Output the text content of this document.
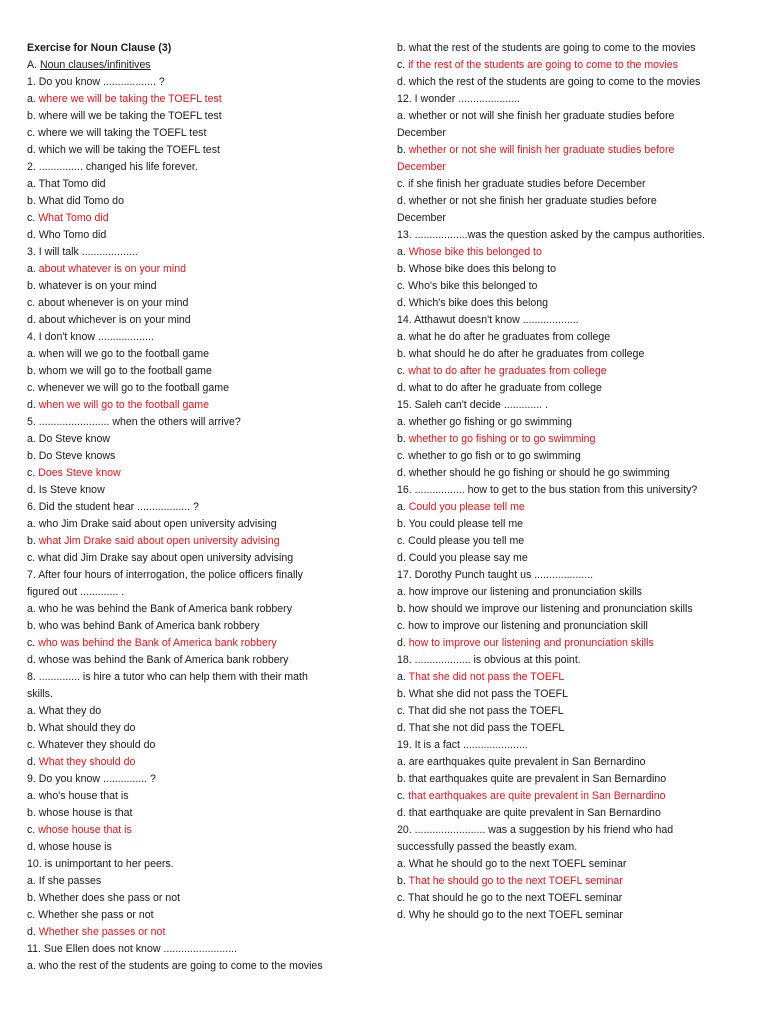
Exercise for Noun Clause (3)
A. Noun clauses/infinitives
1. Do you know .................. ?
a. where we will be taking the TOEFL test
b. where will we be taking the TOEFL test
c. where we will taking the TOEFL test
d. which we will be taking the TOEFL test
2. ............... changed his life forever.
a. That Tomo did
b. What did Tomo do
c. What Tomo did
d. Who Tomo did
3. I will talk ...................
a. about whatever is on your mind
b. whatever is on your mind
c. about whenever is on your mind
d. about whichever is on your mind
4. I don't know ...................
a. when will we go to the football game
b. whom we will go to the football game
c. whenever we will go to the football game
d. when we will go to the football game
5. ........................ when the others will arrive?
a. Do Steve know
b. Do Steve knows
c. Does Steve know
d. Is Steve know
6. Did the student hear .................. ?
a. who Jim Drake said about open university advising
b. what Jim Drake said about open university advising
c. what did Jim Drake say about open university advising
7. After four hours of interrogation, the police officers finally
figured out ............. .
a. who he was behind the Bank of America bank robbery
b. who was behind Bank of America bank robbery
c. who was behind the Bank of America bank robbery
d. whose was behind the Bank of America bank robbery
8. .............. is hire a tutor who can help them with their math
skills.
a. What they do
b. What should they do
c. Whatever they should do
d. What they should do
9. Do you know ............... ?
a. who's house that is
b. whose house is that
c. whose house that is
d. whose house is
10. is unimportant to her peers.
a. If she passes
b. Whether does she pass or not
c. Whether she pass or not
d. Whether she passes or not
11. Sue Ellen does not know .........................
a. who the rest of the students are going to come to the movies
b. what the rest of the students are going to come to the movies
c. if the rest of the students are going to come to the movies
d. which the rest of the students are going to come to the movies
12. I wonder .....................
a. whether or not will she finish her graduate studies before
December
b. whether or not she will finish her graduate studies before
December
c. if she finish her graduate studies before December
d. whether or not she finish her graduate studies before
December
13. ..................was the question asked by the campus authorities.
a. Whose bike this belonged to
b. Whose bike does this belong to
c. Who's bike this belonged to
d. Which's bike does this belong
14. Atthawut doesn't know ...................
a. what he do after he graduates from college
b. what should he do after he graduates from college
c. what to do after he graduates from college
d. what to do after he graduate from college
15. Saleh can't decide ............. .
a. whether go fishing or go swimming
b. whether to go fishing or to go swimming
c. whether to go fish or to go swimming
d. whether should he go fishing or should he go swimming
16. ................. how to get to the bus station from this university?
a. Could you please tell me
b. You could please tell me
c. Could please you tell me
d. Could you please say me
17. Dorothy Punch taught us ....................
a. how improve our listening and pronunciation skills
b. how should we improve our listening and pronunciation skills
c. how to improve our listening and pronunciation skill
d. how to improve our listening and pronunciation skills
18. ................... is obvious at this point.
a. That she did not pass the TOEFL
b. What she did not pass the TOEFL
c. That did she not pass the TOEFL
d. That she not did pass the TOEFL
19. It is a fact ......................
a. are earthquakes quite prevalent in San Bernardino
b. that earthquakes quite are prevalent in San Bernardino
c. that earthquakes are quite prevalent in San Bernardino
d. that earthquake are quite prevalent in San Bernardino
20. ........................ was a suggestion by his friend who had
successfully passed the beastly exam.
a. What he should go to the next TOEFL seminar
b. That he should go to the next TOEFL seminar
c. That should he go to the next TOEFL seminar
d. Why he should go to the next TOEFL seminar
